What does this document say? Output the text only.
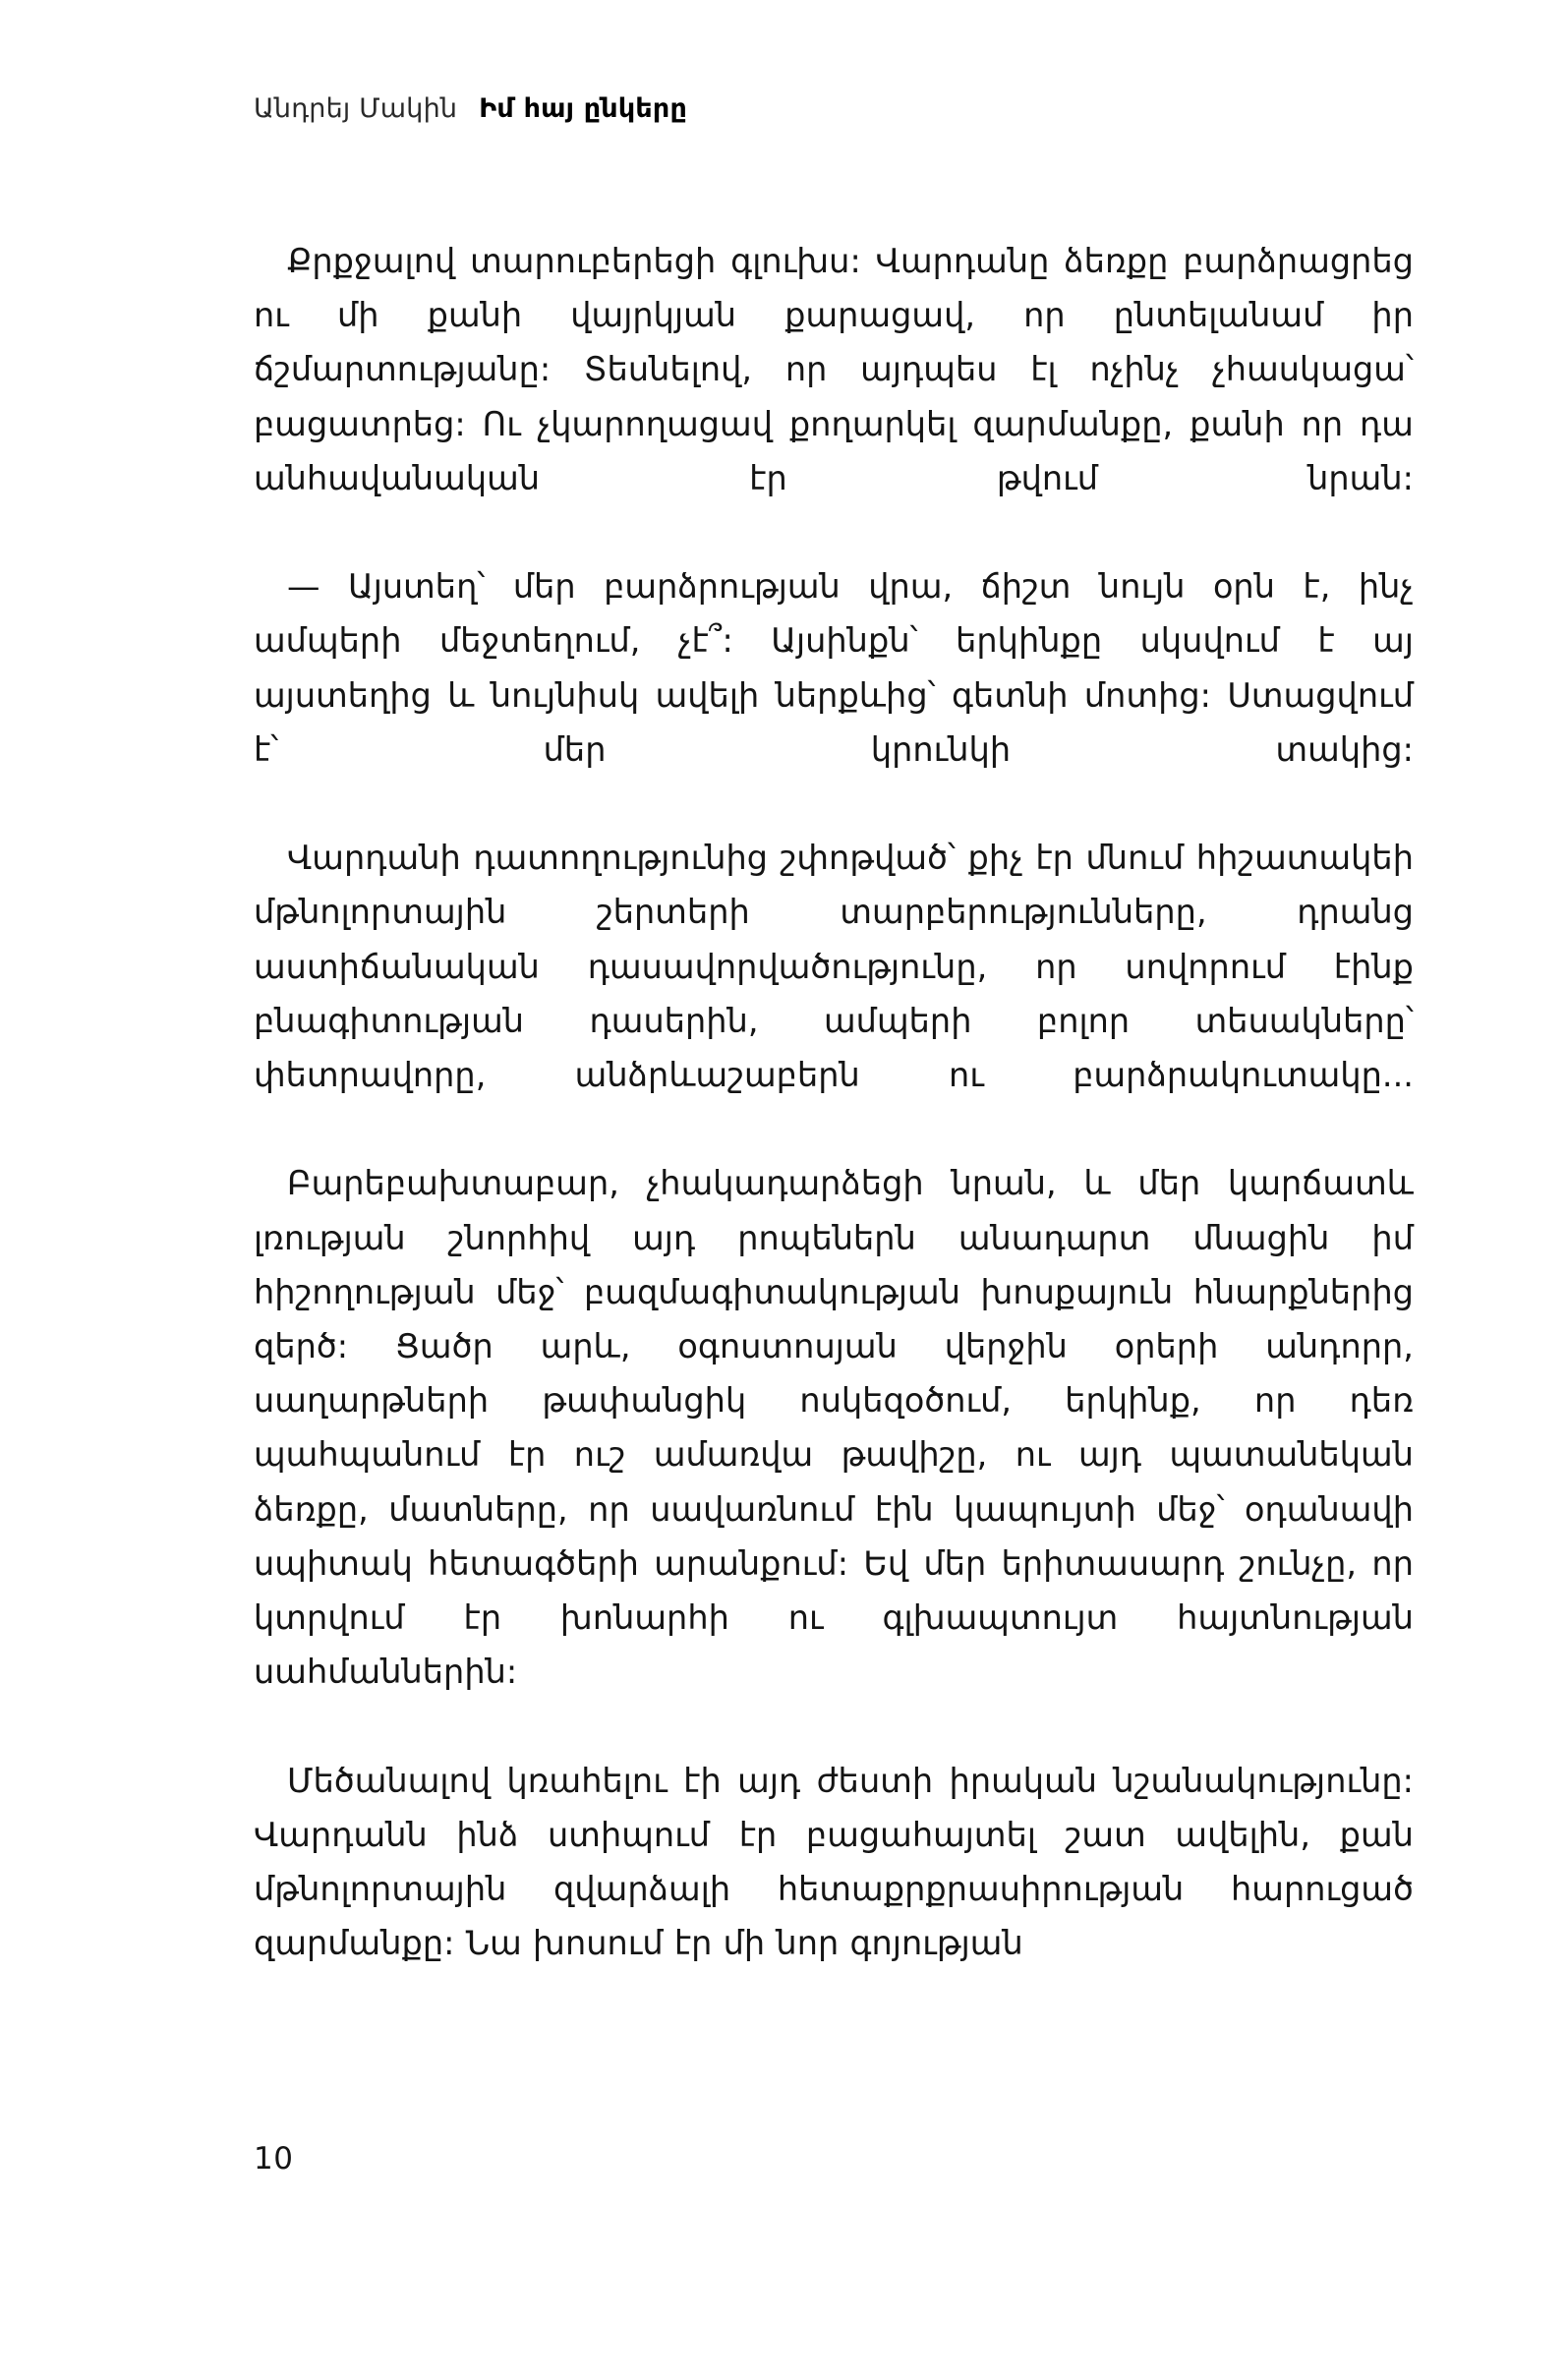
Անդրեյ Մակին Իմ հայ ընկերը

Քրքջալով տարուբերեցի գլուխս: Վարդանը ձեռքը բարձրացրեց ու մի քանի վայրկյան քարացավ, որ ընտելանամ իր ճշմարտությանը: Տեսնելով, որ այդպես էլ ոչինչ չհասկացա՝ բացատրեց: Ու չկարողացավ քողարկել զարմանքը, քանի որ դա անհավանական էր թվում նրան:

— Այստեղ՝ մեր բարձրության վրա, ճիշտ նույն օրն է, ինչ ամպերի մեջտեղում, չէ՞: Այսինքն՝ երկինքը սկսվում է այ այստեղից և նույնիսկ ավելի ներքևից՝ գետնի մոտից: Ստացվում է՝ մեր կրունկի տակից:

Վարդանի դատողությունից շփոթված՝ քիչ էր մնում հիշատակեի մթնոլորտային շերտերի տարբերությունները, դրանց աստիճանական դասավորվածությունը, որ սովորում էինք բնագիտության դասերին, ամպերի բոլոր տեսակները՝ փետրավորը, անձրևաշաբերն ու բարձրակուտակը...

Բարեբախտաբար, չհակադարձեցի նրան, և մեր կարճատև լռության շնորհիվ այդ րոպեներն անադարտ մնացին իմ հիշողության մեջ՝ բազմագիտակության խոսքայուն հնարքներից զերծ: Ցածր արև, օգոստոսյան վերջին օրերի անդորր, սաղարթների թափանցիկ ոսկեզօծում, երկինք, որ դեռ պահպանում էր ուշ ամառվա թավիշը, ու այդ պատանեկան ձեռքը, մատները, որ սավառնում էին կապույտի մեջ՝ օդանավի սպիտակ հետագծերի արանքում: Եվ մեր երիտասարդ շունչը, որ կտրվում էր խոնարհի ու գլխապտույտ հայտնության սահմաններին:

Մեծանալով կռահելու էի այդ ժեստի իրական նշանակությունը: Վարդանն ինձ ստիպում էր բացահայտել շատ ավելին, քան մթնոլորտային զվարձալի հետաքրքրասիրության հարուցած զարմանքը: Նա խոսում էր մի նոր գոյության

10
